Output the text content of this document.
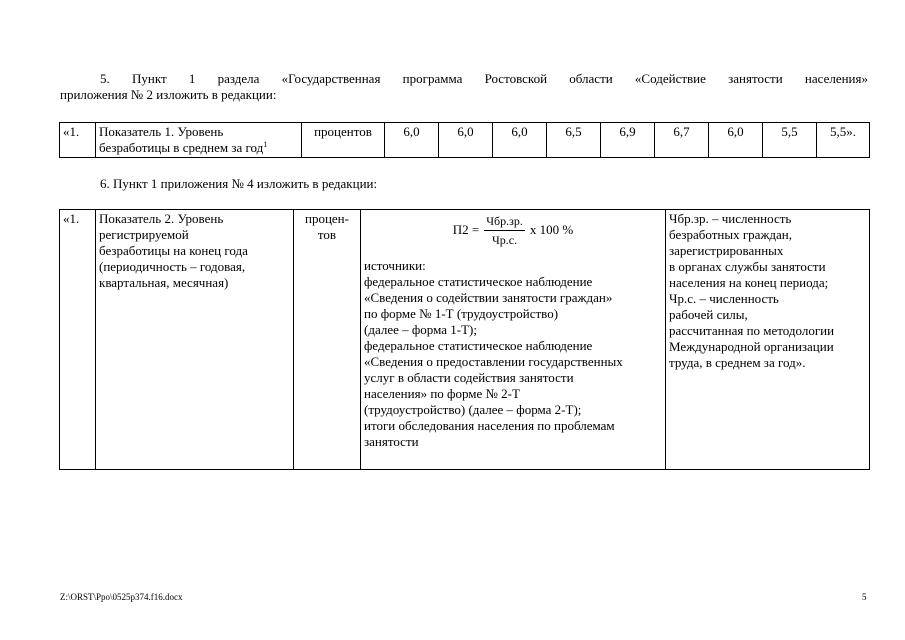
5. Пункт 1 раздела «Государственная программа Ростовской области «Содействие занятости населения»
приложения № 2 изложить в редакции:
«1.	Показатель 1. Уровень
безработицы в среднем за год$^1$	процентов	6,0	6,0	6,0	6,5	6,9	6,7	6,0	5,5	5,5».
6. Пункт 1 приложения № 4 изложить в редакции:
«1.	Показатель 2. Уровень
регистрируемой
безработицы на конец года
(периодичность – годовая,
квартальная, месячная)	процен-
тов	$П2 = \frac{\text{Чбр.зр.}}{Чр.с.}$ х 100 %
источники:
федеральное статистическое наблюдение
«Сведения о содействии занятости граждан»
по форме № 1-Т (трудоустройство)
(далее – форма 1-Т);
федеральное статистическое наблюдение
«Сведения о предоставлении государственных
услуг в области содействия занятости
населения» по форме № 2-Т
(трудоустройство) (далее – форма 2-Т);
итоги обследования населения по проблемам
занятости	Чбр.зр. – численность
безработных граждан,
зарегистрированных
в органах службы занятости
населения на конец периода;
Чр.с. – численность
рабочей силы,
рассчитанная по методологии
Международной организации
труда, в среднем за год».
Z:\ORST\Ppo\0525p374.f16.docx	5
